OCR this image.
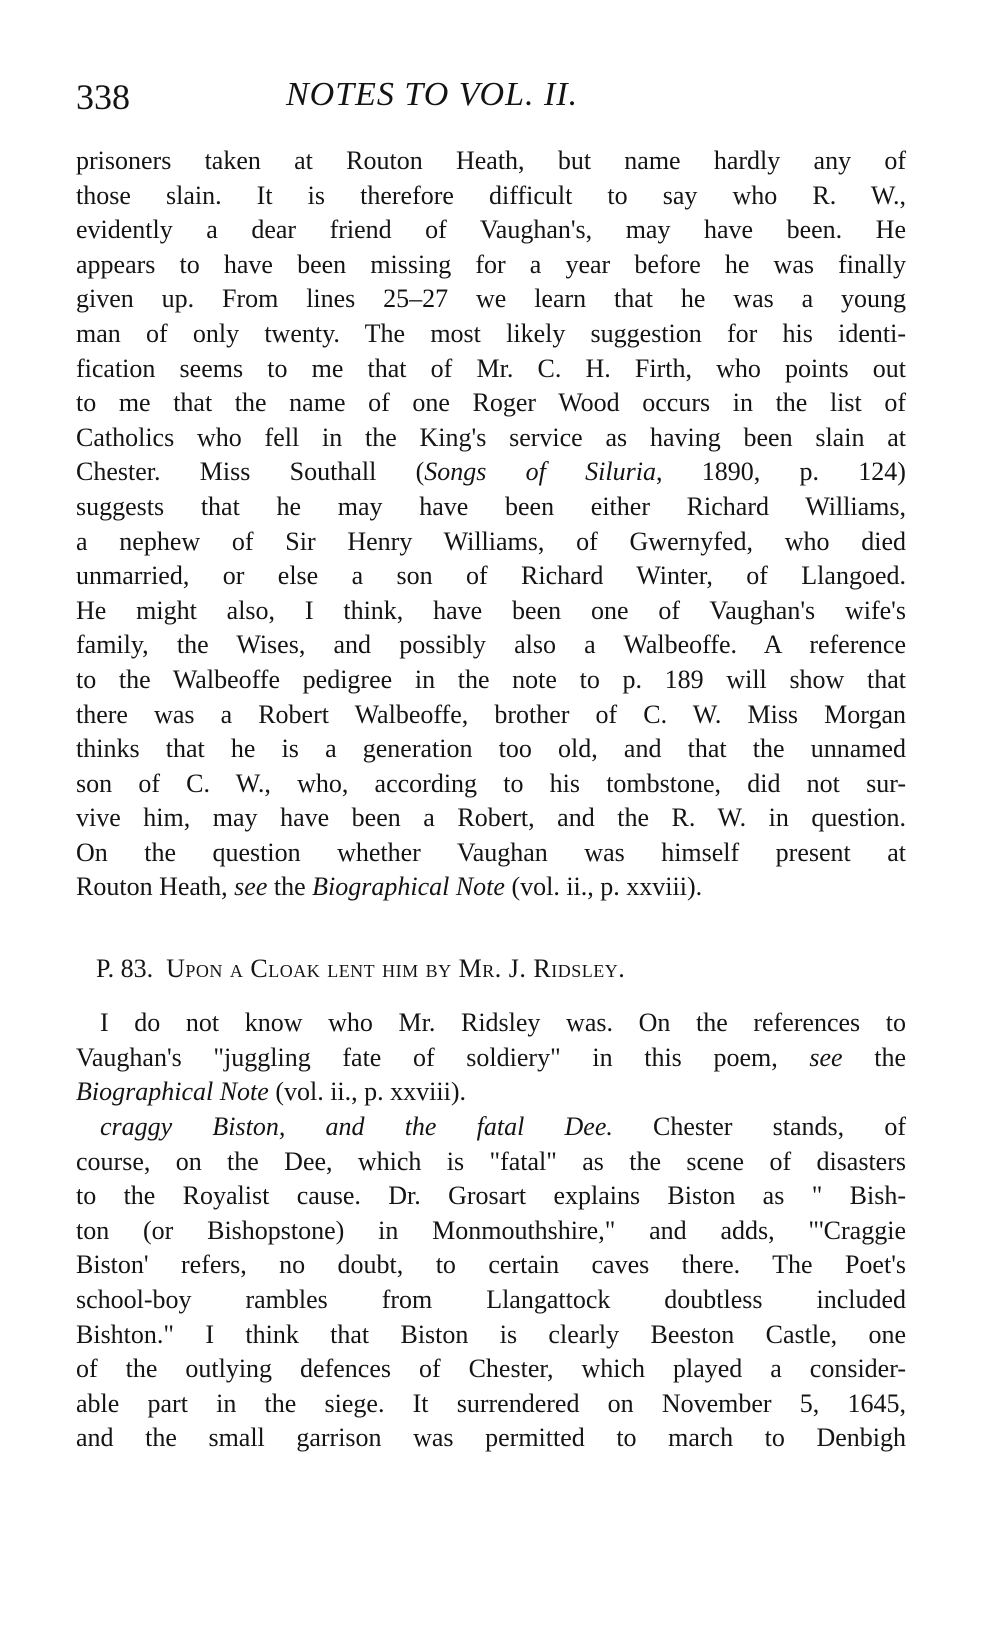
338	NOTES TO VOL. II.
prisoners taken at Routon Heath, but name hardly any of
those slain. It is therefore difficult to say who R. W.,
evidently a dear friend of Vaughan's, may have been. He
appears to have been missing for a year before he was finally
given up. From lines 25–27 we learn that he was a young
man of only twenty. The most likely suggestion for his identi-
fication seems to me that of Mr. C. H. Firth, who points out
to me that the name of one Roger Wood occurs in the list of
Catholics who fell in the King's service as having been slain at
Chester. Miss Southall (Songs of Siluria, 1890, p. 124)
suggests that he may have been either Richard Williams,
a nephew of Sir Henry Williams, of Gwernyfed, who died
unmarried, or else a son of Richard Winter, of Llangoed.
He might also, I think, have been one of Vaughan's wife's
family, the Wises, and possibly also a Walbeoffe. A reference
to the Walbeoffe pedigree in the note to p. 189 will show that
there was a Robert Walbeoffe, brother of C. W. Miss Morgan
thinks that he is a generation too old, and that the unnamed
son of C. W., who, according to his tombstone, did not sur-
vive him, may have been a Robert, and the R. W. in question.
On the question whether Vaughan was himself present at
Routon Heath, see the Biographical Note (vol. ii., p. xxviii).
P. 83. Upon a Cloak lent him by Mr. J. Ridsley.
I do not know who Mr. Ridsley was. On the references to
Vaughan's "juggling fate of soldiery" in this poem, see the
Biographical Note (vol. ii., p. xxviii).
craggy Biston, and the fatal Dee. Chester stands, of
course, on the Dee, which is "fatal" as the scene of disasters
to the Royalist cause. Dr. Grosart explains Biston as " Bish-
ton (or Bishopstone) in Monmouthshire," and adds, "'Craggie
Biston' refers, no doubt, to certain caves there. The Poet's
school-boy rambles from Llangattock doubtless included
Bishton." I think that Biston is clearly Beeston Castle, one
of the outlying defences of Chester, which played a consider-
able part in the siege. It surrendered on November 5, 1645,
and the small garrison was permitted to march to Denbigh
